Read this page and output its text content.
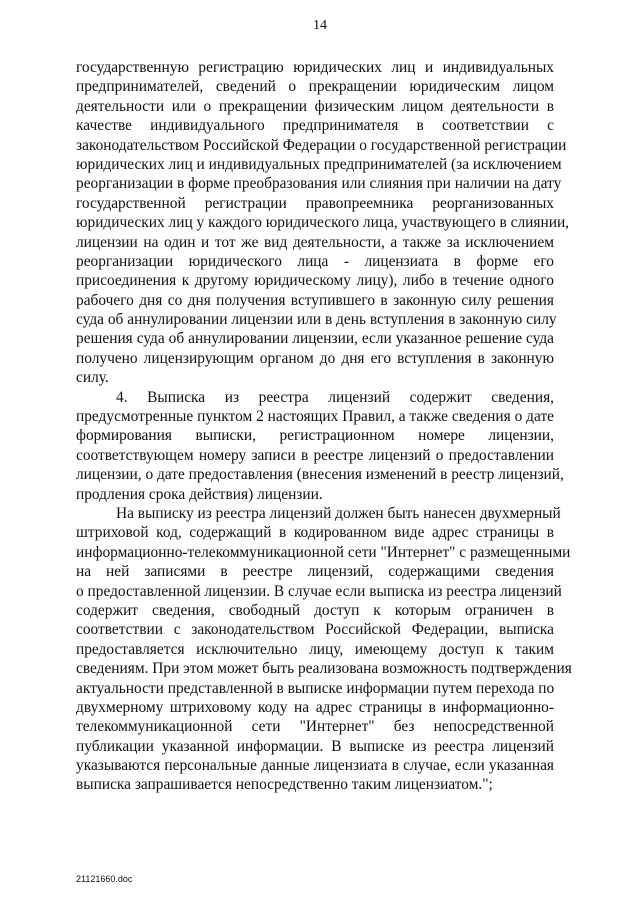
14
государственную регистрацию юридических лиц и индивидуальных
предпринимателей, сведений о прекращении юридическим лицом
деятельности или о прекращении физическим лицом деятельности в
качестве индивидуального предпринимателя в соответствии с
законодательством Российской Федерации о государственной регистрации
юридических лиц и индивидуальных предпринимателей (за исключением
реорганизации в форме преобразования или слияния при наличии на дату
государственной регистрации правопреемника реорганизованных
юридических лиц у каждого юридического лица, участвующего в слиянии,
лицензии на один и тот же вид деятельности, а также за исключением
реорганизации юридического лица - лицензиата в форме его
присоединения к другому юридическому лицу), либо в течение одного
рабочего дня со дня получения вступившего в законную силу решения
суда об аннулировании лицензии или в день вступления в законную силу
решения суда об аннулировании лицензии, если указанное решение суда
получено лицензирующим органом до дня его вступления в законную
силу.
4. Выписка из реестра лицензий содержит сведения,
предусмотренные пунктом 2 настоящих Правил, а также сведения о дате
формирования выписки, регистрационном номере лицензии,
соответствующем номеру записи в реестре лицензий о предоставлении
лицензии, о дате предоставления (внесения изменений в реестр лицензий,
продления срока действия) лицензии.
На выписку из реестра лицензий должен быть нанесен двухмерный
штриховой код, содержащий в кодированном виде адрес страницы в
информационно-телекоммуникационной сети "Интернет" с размещенными
на ней записями в реестре лицензий, содержащими сведения
о предоставленной лицензии. В случае если выписка из реестра лицензий
содержит сведения, свободный доступ к которым ограничен в
соответствии с законодательством Российской Федерации, выписка
предоставляется исключительно лицу, имеющему доступ к таким
сведениям. При этом может быть реализована возможность подтверждения
актуальности представленной в выписке информации путем перехода по
двухмерному штриховому коду на адрес страницы в информационно-
телекоммуникационной сети "Интернет" без непосредственной
публикации указанной информации. В выписке из реестра лицензий
указываются персональные данные лицензиата в случае, если указанная
выписка запрашивается непосредственно таким лицензиатом.";
21121660.doc
